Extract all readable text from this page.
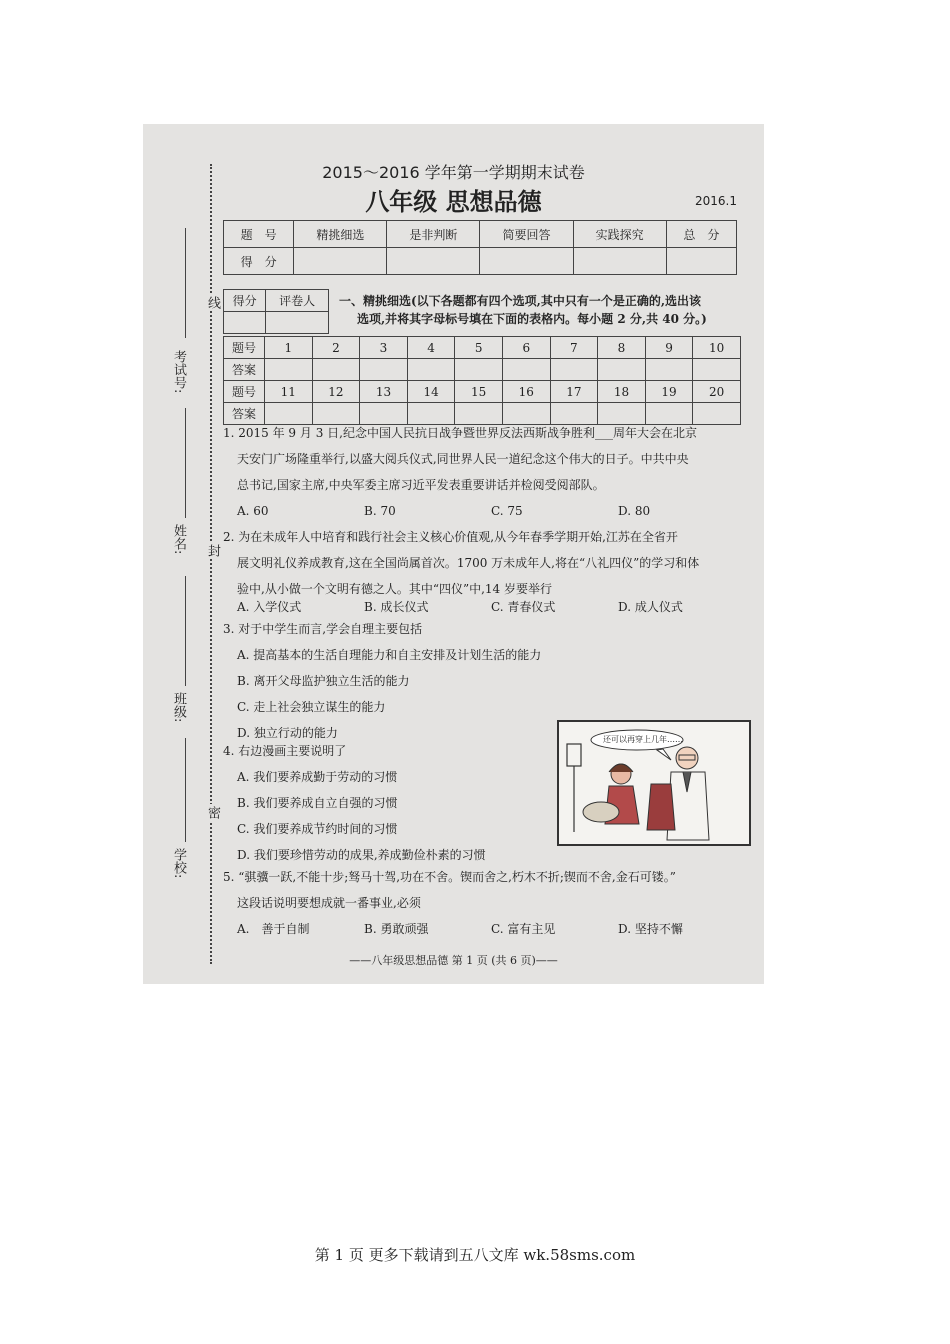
线
封
密
考试号:
姓名:
班级:
学校:
2015～2016 学年第一学期期末试卷
八年级 思想品德	2016.1
题　号	精挑细选	是非判断	简要回答	实践探究	总　分
得　分					
得分	评卷人
	一、精挑细选(以下各题都有四个选项,其中只有一个是正确的,选出该
选项,并将其字母标号填在下面的表格内。每小题 2 分,共 40 分。)
题号	1	2	3	4	5	6	7	8	9	10
答案										
题号	11	12	13	14	15	16	17	18	19	20
答案										
1. 2015 年 9 月 3 日,纪念中国人民抗日战争暨世界反法西斯战争胜利___周年大会在北京
天安门广场隆重举行,以盛大阅兵仪式,同世界人民一道纪念这个伟大的日子。中共中央
总书记,国家主席,中央军委主席习近平发表重要讲话并检阅受阅部队。
A. 60	B. 70	C. 75	D. 80
2. 为在未成年人中培育和践行社会主义核心价值观,从今年春季学期开始,江苏在全省开
展文明礼仪养成教育,这在全国尚属首次。1700 万未成年人,将在“八礼四仪”的学习和体
验中,从小做一个文明有德之人。其中“四仪”中,14 岁要举行
A. 入学仪式	B. 成长仪式	C. 青春仪式	D. 成人仪式
3. 对于中学生而言,学会自理主要包括
A. 提高基本的生活自理能力和自主安排及计划生活的能力
B. 离开父母监护独立生活的能力
C. 走上社会独立谋生的能力
D. 独立行动的能力
4. 右边漫画主要说明了
A. 我们要养成勤于劳动的习惯
B. 我们要养成自立自强的习惯
C. 我们要养成节约时间的习惯
D. 我们要珍惜劳动的成果,养成勤俭朴素的习惯
还可以再穿上几年……
5. “骐骥一跃,不能十步;驽马十驾,功在不舍。锲而舍之,朽木不折;锲而不舍,金石可镂。”
这段话说明要想成就一番事业,必须
A.　善于自制	B. 勇敢顽强	C. 富有主见	D. 坚持不懈
——八年级思想品德 第 1 页 (共 6 页)——
第 1 页 更多下载请到五八文库 wk.58sms.com
